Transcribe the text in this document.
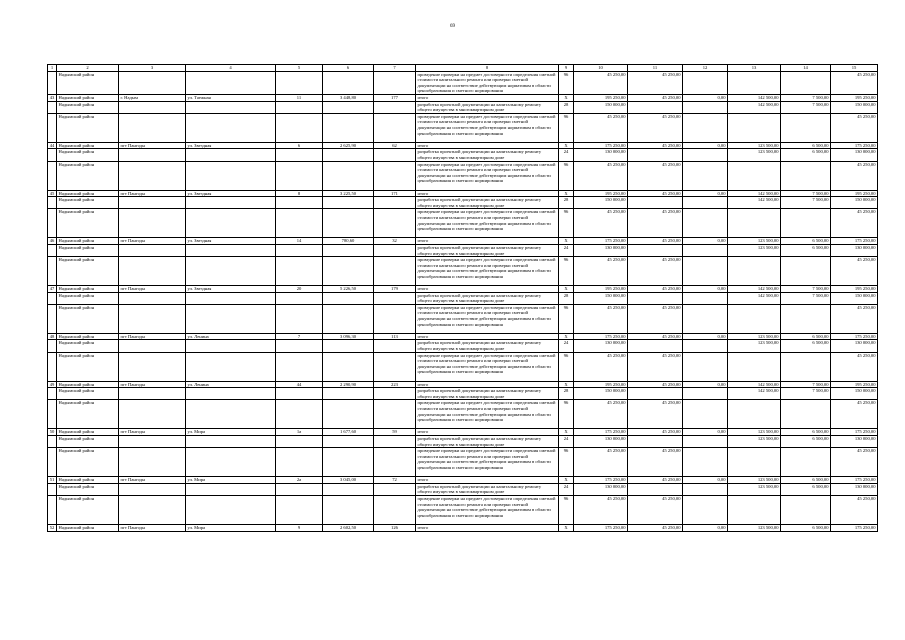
69
1	2	3	4	5	6	7	8	9	10	11	12	13	14	15
	Надымский район						проведение проверки на предмет достоверности определения сметной стоимости капитального ремонта или проверки сметной документации на соответствие действующим нормативам в области ценообразования и сметного нормирования	96	45 250,00	45 250,00				45 250,00
43	Надымский район	г. Надым	ул. Таежная	11	3 448,80	177	итого	X	195 250,00	45 250,00	0,00	142 500,00	7 500,00	195 250,00
	Надымский район						разработка проектной документации на капитальному ремонту общего имущества в многоквартирном доме	28	150 000,00			142 500,00	7 500,00	150 000,00
	Надымский район						проведение проверки на предмет достоверности определения сметной стоимости капитального ремонта или проверки сметной документации на соответствие действующим нормативам в области ценообразования и сметного нормирования	96	45 250,00	45 250,00				45 250,00
44	Надымский район	пгт Пангоды	ул. Звездная	6	2 625,90	62	итого	X	175 250,00	45 250,00	0,00	123 500,00	6 500,00	175 250,00
	Надымский район						разработка проектной документации на капитальному ремонту общего имущества в многоквартирном доме	24	130 000,00			123 500,00	6 500,00	130 000,00
	Надымский район						проведение проверки на предмет достоверности определения сметной стоимости капитального ремонта или проверки сметной документации на соответствие действующим нормативам в области ценообразования и сметного нормирования	96	45 250,00	45 250,00				45 250,00
45	Надымский район	пгт Пангоды	ул. Звездная	8	3 225,50	171	итого	X	195 250,00	45 250,00	0,00	142 500,00	7 500,00	195 250,00
	Надымский район						разработка проектной документации на капитальному ремонту общего имущества в многоквартирном доме	28	150 000,00			142 500,00	7 500,00	150 000,00
	Надымский район						проведение проверки на предмет достоверности определения сметной стоимости капитального ремонта или проверки сметной документации на соответствие действующим нормативам в области ценообразования и сметного нормирования	96	45 250,00	45 250,00				45 250,00
46	Надымский район	пгт Пангоды	ул. Звездная	14	780,60	32	итого	X	175 250,00	45 250,00	0,00	123 500,00	6 500,00	175 250,00
	Надымский район						разработка проектной документации на капитальному ремонту общего имущества в многоквартирном доме	24	130 000,00			123 500,00	6 500,00	130 000,00
	Надымский район						проведение проверки на предмет достоверности определения сметной стоимости капитального ремонта или проверки сметной документации на соответствие действующим нормативам в области ценообразования и сметного нормирования	96	45 250,00	45 250,00				45 250,00
47	Надымский район	пгт Пангоды	ул. Звездная	20	5 226,50	179	итого	X	195 250,00	45 250,00	0,00	142 500,00	7 500,00	195 250,00
	Надымский район						разработка проектной документации на капитальному ремонту общего имущества в многоквартирном доме	28	150 000,00			142 500,00	7 500,00	150 000,00
	Надымский район						проведение проверки на предмет достоверности определения сметной стоимости капитального ремонта или проверки сметной документации на соответствие действующим нормативам в области ценообразования и сметного нормирования	96	45 250,00	45 250,00				45 250,00
48	Надымский район	пгт Пангоды	ул. Ленина	7	3 096,30	113	итого	X	175 250,00	45 250,00	0,00	123 500,00	6 500,00	175 250,00
	Надымский район						разработка проектной документации на капитальному ремонту общего имущества в многоквартирном доме	24	130 000,00			123 500,00	6 500,00	130 000,00
	Надымский район						проведение проверки на предмет достоверности определения сметной стоимости капитального ремонта или проверки сметной документации на соответствие действующим нормативам в области ценообразования и сметного нормирования	96	45 250,00	45 250,00				45 250,00
49	Надымский район	пгт Пангоды	ул. Ленина	44	2 290,90	223	итого	X	195 250,00	45 250,00	0,00	142 500,00	7 500,00	195 250,00
	Надымский район						разработка проектной документации на капитальному ремонту общего имущества в многоквартирном доме	28	150 000,00			142 500,00	7 500,00	150 000,00
	Надымский район						проведение проверки на предмет достоверности определения сметной стоимости капитального ремонта или проверки сметной документации на соответствие действующим нормативам в области ценообразования и сметного нормирования	96	45 250,00	45 250,00				45 250,00
50	Надымский район	пгт Пангоды	ул. Мира	1а	1 677,60	59	итого	X	175 250,00	45 250,00	0,00	123 500,00	6 500,00	175 250,00
	Надымский район						разработка проектной документации на капитальному ремонту общего имущества в многоквартирном доме	24	130 000,00			123 500,00	6 500,00	130 000,00
	Надымский район						проведение проверки на предмет достоверности определения сметной стоимости капитального ремонта или проверки сметной документации на соответствие действующим нормативам в области ценообразования и сметного нормирования	96	45 250,00	45 250,00				45 250,00
51	Надымский район	пгт Пангоды	ул. Мира	2а	3 045,00	72	итого	X	175 250,00	45 250,00	0,00	123 500,00	6 500,00	175 250,00
	Надымский район						разработка проектной документации на капитальному ремонту общего имущества в многоквартирном доме	24	130 000,00			123 500,00	6 500,00	130 000,00
	Надымский район						проведение проверки на предмет достоверности определения сметной стоимости капитального ремонта или проверки сметной документации на соответствие действующим нормативам в области ценообразования и сметного нормирования	96	45 250,00	45 250,00				45 250,00
52	Надымский район	пгт Пангоды	ул. Мира	9	2 602,50	126	итого	X	175 250,00	45 250,00	0,00	123 500,00	6 500,00	175 250,00
